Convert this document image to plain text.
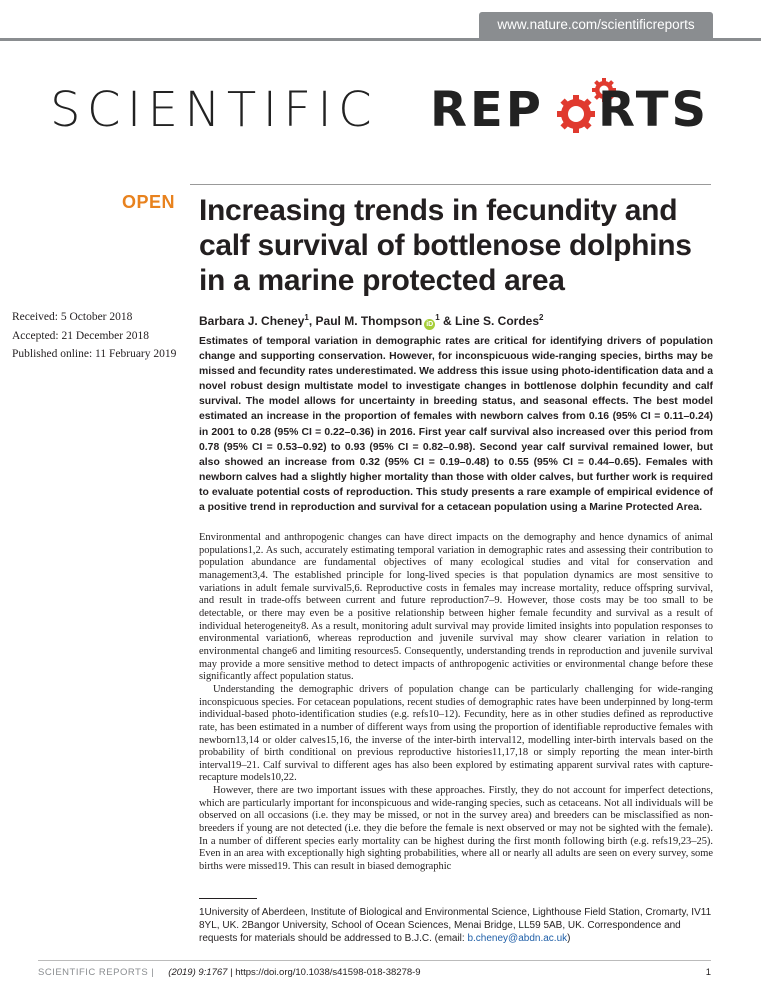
www.nature.com/scientificreports
SCIENTIFIC REP RTS
OPEN Increasing trends in fecundity and calf survival of bottlenose dolphins in a marine protected area
Received: 5 October 2018
Accepted: 21 December 2018
Published online: 11 February 2019
Barbara J. Cheney$^1$, Paul M. Thompson $iD^1$ & Line S. Cordes$^2$

Estimates of temporal variation in demographic rates are critical for identifying drivers of population change and supporting conservation. However, for inconspicuous wide-ranging species, births may be missed and fecundity rates underestimated. We address this issue using photo-identification data and a novel robust design multistate model to investigate changes in bottlenose dolphin fecundity and calf survival. The model allows for uncertainty in breeding status, and seasonal effects. The best model estimated an increase in the proportion of females with newborn calves from 0.16 (95% CI = 0.11–0.24) in 2001 to 0.28 (95% CI = 0.22–0.36) in 2016. First year calf survival also increased over this period from 0.78 (95% CI = 0.53–0.92) to 0.93 (95% CI = 0.82–0.98). Second year calf survival remained lower, but also showed an increase from 0.32 (95% CI = 0.19–0.48) to 0.55 (95% CI = 0.44–0.65). Females with newborn calves had a slightly higher mortality than those with older calves, but further work is required to evaluate potential costs of reproduction. This study presents a rare example of empirical evidence of a positive trend in reproduction and survival for a cetacean population using a Marine Protected Area.

Environmental and anthropogenic changes can have direct impacts on the demography and hence dynamics of animal populations1,2. As such, accurately estimating temporal variation in demographic rates and assessing their contribution to population abundance are fundamental objectives of many ecological studies and vital for conservation and management3,4. The established principle for long-lived species is that population dynamics are most sensitive to variations in adult female survival5,6. Reproductive costs in females may increase mortality, reduce offspring survival, and result in trade-offs between current and future reproduction7–9. However, those costs may be too small to be detectable, or there may even be a positive relationship between higher female fecundity and survival as a result of individual heterogeneity8. As a result, monitoring adult survival may provide limited insights into population responses to environmental variation6, whereas reproduction and juvenile survival may show clearer variation in relation to environmental change6 and limiting resources5. Consequently, understanding trends in reproduction and juvenile survival may provide a more sensitive method to detect impacts of anthropogenic activities or environmental change before these significantly affect population status.

Understanding the demographic drivers of population change can be particularly challenging for wide-ranging inconspicuous species. For cetacean populations, recent studies of demographic rates have been underpinned by long-term individual-based photo-identification studies (e.g. refs10–12). Fecundity, here as in other studies defined as reproductive rate, has been estimated in a number of different ways from using the proportion of identifiable reproductive females with newborn13,14 or older calves15,16, the inverse of the inter-birth interval12, modelling inter-birth intervals based on the probability of birth conditional on previous reproductive histories11,17,18 or simply reporting the mean inter-birth interval19–21. Calf survival to different ages has also been explored by estimating apparent survival rates with capture-recapture models10,22.

However, there are two important issues with these approaches. Firstly, they do not account for imperfect detections, which are particularly important for inconspicuous and wide-ranging species, such as cetaceans. Not all individuals will be observed on all occasions (i.e. they may be missed, or not in the survey area) and breeders can be misclassified as non-breeders if young are not detected (i.e. they die before the female is next observed or may not be sighted with the female). In a number of different species early mortality can be highest during the first month following birth (e.g. refs19,23–25). Even in an area with exceptionally high sighting probabilities, where all or nearly all adults are seen on every survey, some births were missed19. This can result in biased demographic

1University of Aberdeen, Institute of Biological and Environmental Science, Lighthouse Field Station, Cromarty, IV11 8YL, UK. 2Bangor University, School of Ocean Sciences, Menai Bridge, LL59 5AB, UK. Correspondence and requests for materials should be addressed to B.J.C. (email: b.cheney@abdn.ac.uk)
SCIENTIFIC REPORTS | (2019) 9:1767 | https://doi.org/10.1038/s41598-018-38278-9	1
